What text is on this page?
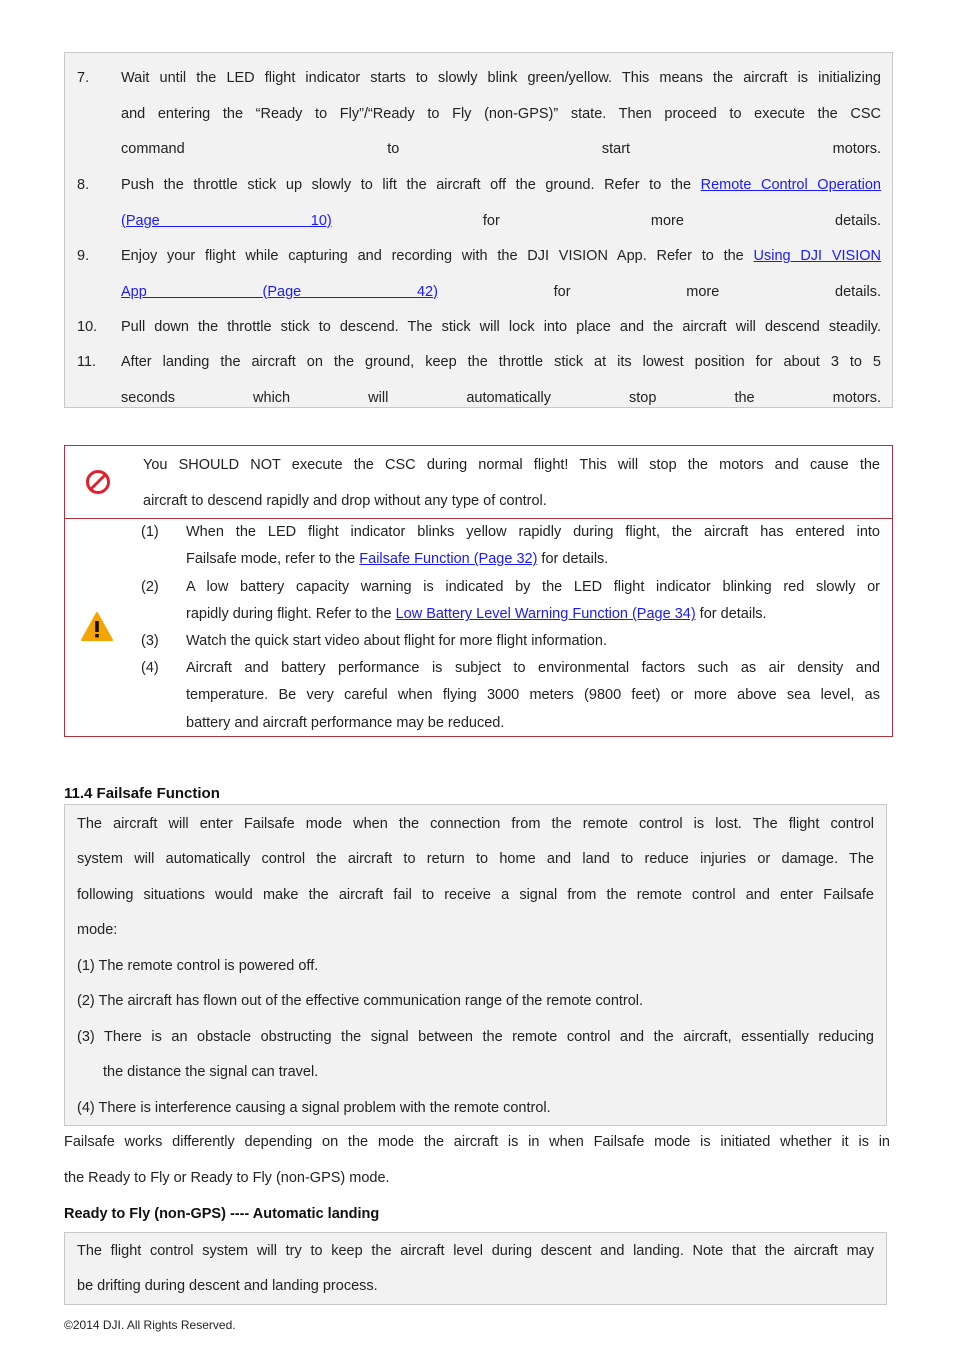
7. Wait until the LED flight indicator starts to slowly blink green/yellow. This means the aircraft is initializing
and entering the “Ready to Fly”/“Ready to Fly (non-GPS)” state. Then proceed to execute the CSC
command to start motors.
8. Push the throttle stick up slowly to lift the aircraft off the ground. Refer to the Remote Control Operation
(Page 10) for more details.
9. Enjoy your flight while capturing and recording with the DJI VISION App. Refer to the Using DJI VISION
App (Page 42) for more details.
10. Pull down the throttle stick to descend. The stick will lock into place and the aircraft will descend steadily.
11. After landing the aircraft on the ground, keep the throttle stick at its lowest position for about 3 to 5
seconds which will automatically stop the motors.
You SHOULD NOT execute the CSC during normal flight! This will stop the motors and cause the
aircraft to descend rapidly and drop without any type of control.
(1) When the LED flight indicator blinks yellow rapidly during flight, the aircraft has entered into
Failsafe mode, refer to the Failsafe Function (Page 32) for details.
(2) A low battery capacity warning is indicated by the LED flight indicator blinking red slowly or
rapidly during flight. Refer to the Low Battery Level Warning Function (Page 34) for details.
(3) Watch the quick start video about flight for more flight information.
(4) Aircraft and battery performance is subject to environmental factors such as air density and
temperature. Be very careful when flying 3000 meters (9800 feet) or more above sea level, as
battery and aircraft performance may be reduced.
11.4 Failsafe Function
The aircraft will enter Failsafe mode when the connection from the remote control is lost. The flight control
system will automatically control the aircraft to return to home and land to reduce injuries or damage. The
following situations would make the aircraft fail to receive a signal from the remote control and enter Failsafe
mode:
(1) The remote control is powered off.
(2) The aircraft has flown out of the effective communication range of the remote control.
(3) There is an obstacle obstructing the signal between the remote control and the aircraft, essentially reducing
the distance the signal can travel.
(4) There is interference causing a signal problem with the remote control.
Failsafe works differently depending on the mode the aircraft is in when Failsafe mode is initiated whether it is in
the Ready to Fly or Ready to Fly (non-GPS) mode.
Ready to Fly (non-GPS) ---- Automatic landing
The flight control system will try to keep the aircraft level during descent and landing. Note that the aircraft may
be drifting during descent and landing process.
©2014 DJI. All Rights Reserved.
